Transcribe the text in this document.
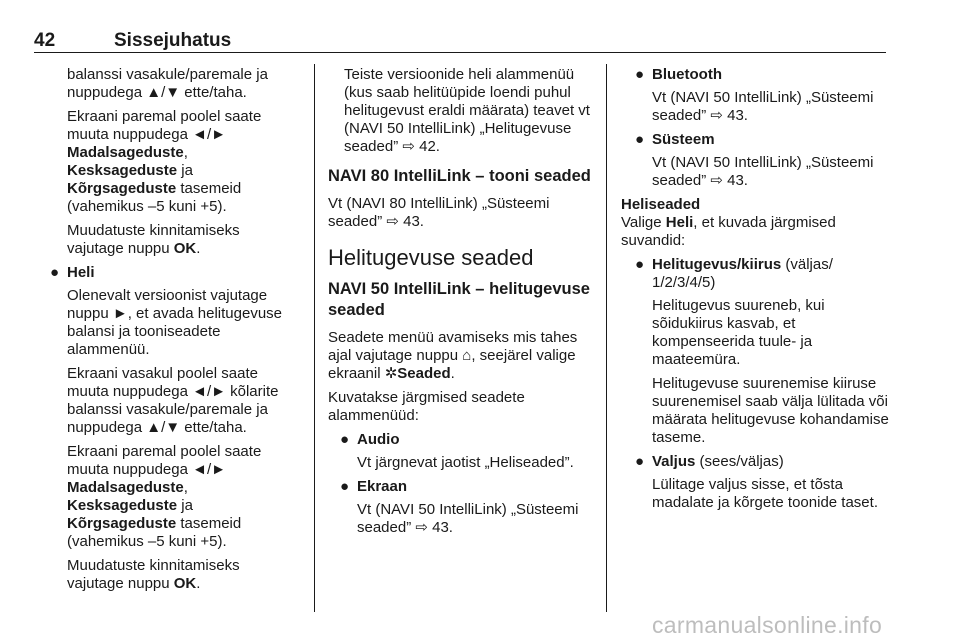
42	Sissejuhatus
balanssi vasakule/paremale ja nuppudega ▲/▼ ette/taha.
Ekraani paremal poolel saate muuta nuppudega ◄/►
Madalsageduste,
Kesksageduste ja
Kõrgsageduste tasemeid (vahemikus –5 kuni +5).
Muudatuste kinnitamiseks vajutage nuppu OK.
● Heli
Olenevalt versioonist vajutage nuppu ►, et avada helitugevuse balansi ja tooniseadete alammenüü.
Ekraani vasakul poolel saate muuta nuppudega ◄/► kõlarite balanssi vasakule/paremale ja nuppudega ▲/▼ ette/taha.
Ekraani paremal poolel saate muuta nuppudega ◄/►
Madalsageduste,
Kesksageduste ja
Kõrgsageduste tasemeid (vahemikus –5 kuni +5).
Muudatuste kinnitamiseks vajutage nuppu OK.
Teiste versioonide heli alammenüü (kus saab helitüüpide loendi puhul helitugevust eraldi määrata) teavet vt (NAVI 50 IntelliLink) „Helitugevuse seaded” ⇨ 42.
NAVI 80 IntelliLink – tooni seaded
Vt (NAVI 80 IntelliLink) „Süsteemi seaded” ⇨ 43.
Helitugevuse seaded
NAVI 50 IntelliLink – helitugevuse seaded
Seadete menüü avamiseks mis tahes ajal vajutage nuppu ⌂, seejärel valige ekraanil ✲Seaded.
Kuvatakse järgmised seadete alammenüüd:
● Audio
Vt järgnevat jaotist „Heliseaded”.
● Ekraan
Vt (NAVI 50 IntelliLink) „Süsteemi seaded” ⇨ 43.
● Bluetooth
Vt (NAVI 50 IntelliLink) „Süsteemi seaded” ⇨ 43.
● Süsteem
Vt (NAVI 50 IntelliLink) „Süsteemi seaded” ⇨ 43.
Heliseaded
Valige Heli, et kuvada järgmised suvandid:
● Helitugevus/kiirus (väljas/ 1/2/3/4/5)
Helitugevus suureneb, kui sõidukiirus kasvab, et kompenseerida tuule- ja maateemüra.
Helitugevuse suurenemise kiiruse suurenemisel saab välja lülitada või määrata helitugevuse kohandamise taseme.
● Valjus (sees/väljas)
Lülitage valjus sisse, et tõsta madalate ja kõrgete toonide taset.
carmanualsonline.info
